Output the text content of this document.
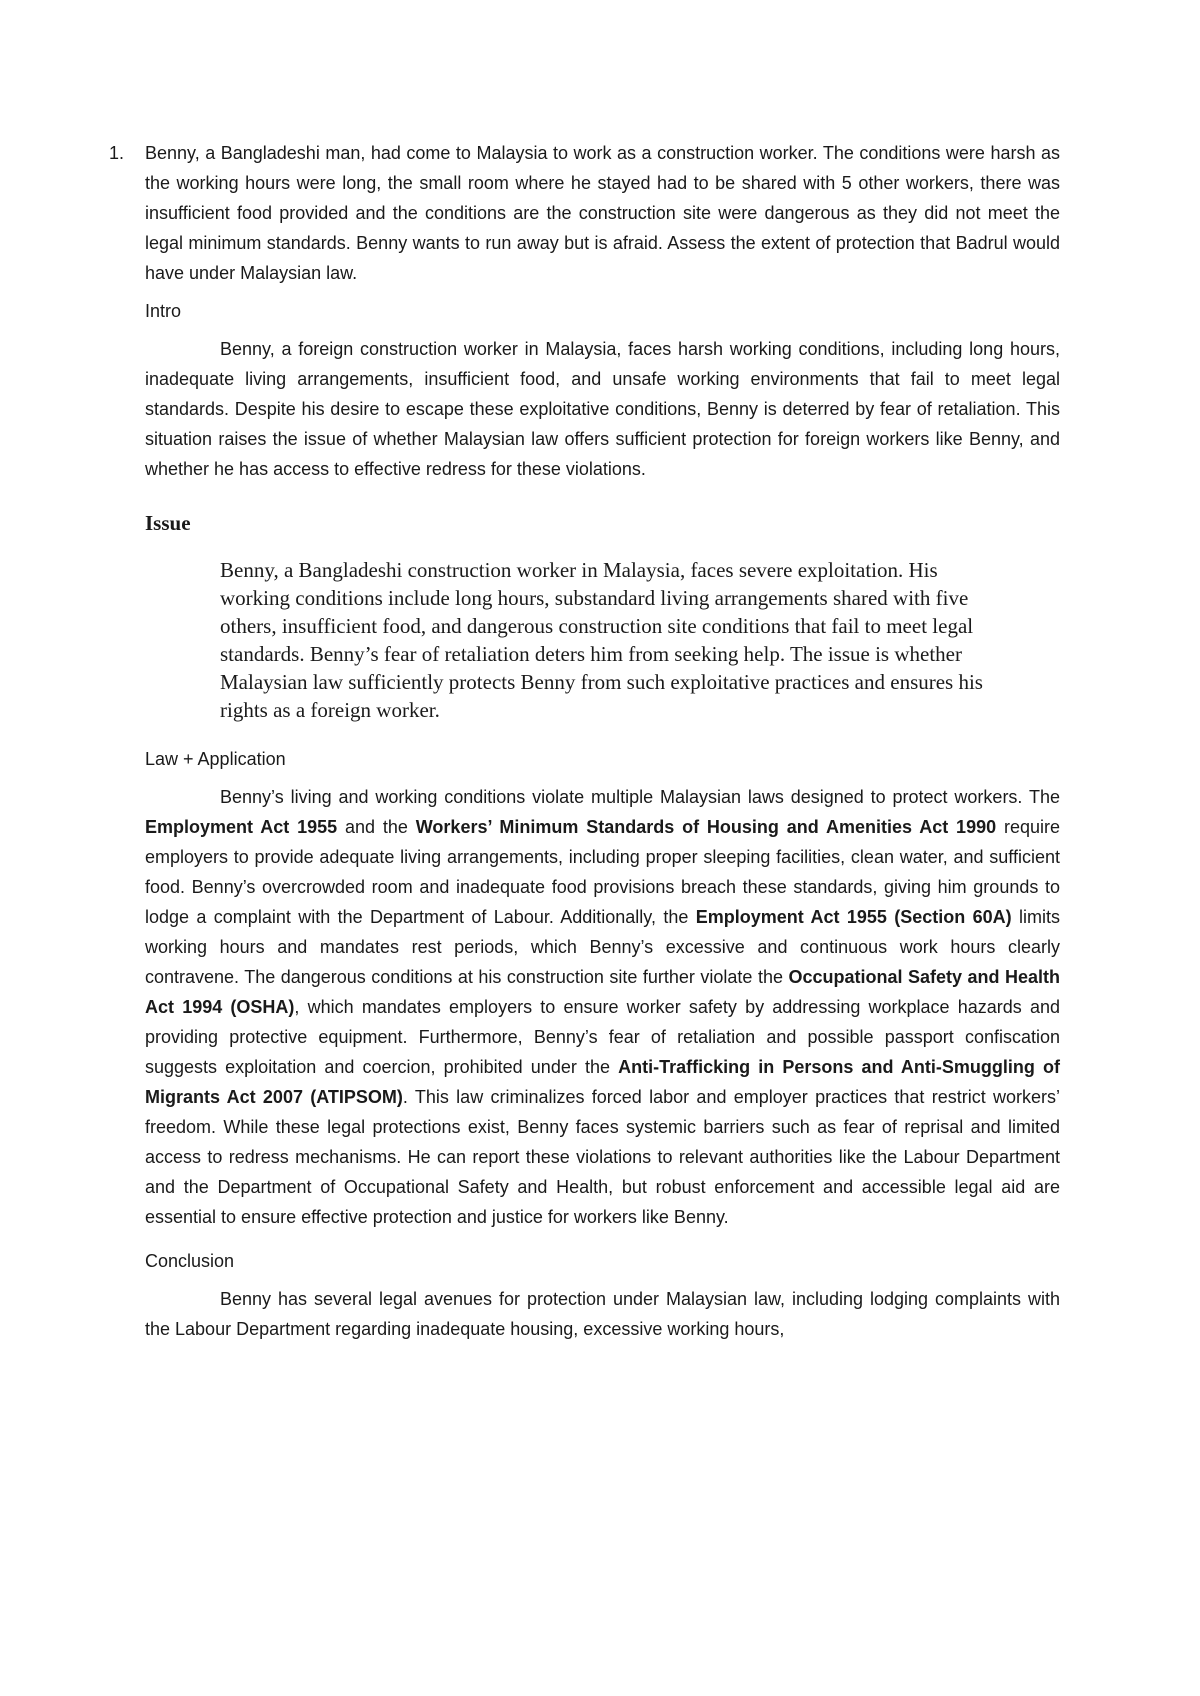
1. Benny, a Bangladeshi man, had come to Malaysia to work as a construction worker. The conditions were harsh as the working hours were long, the small room where he stayed had to be shared with 5 other workers, there was insufficient food provided and the conditions are the construction site were dangerous as they did not meet the legal minimum standards. Benny wants to run away but is afraid. Assess the extent of protection that Badrul would have under Malaysian law.

Intro

Benny, a foreign construction worker in Malaysia, faces harsh working conditions, including long hours, inadequate living arrangements, insufficient food, and unsafe working environments that fail to meet legal standards. Despite his desire to escape these exploitative conditions, Benny is deterred by fear of retaliation. This situation raises the issue of whether Malaysian law offers sufficient protection for foreign workers like Benny, and whether he has access to effective redress for these violations.

Issue

Benny, a Bangladeshi construction worker in Malaysia, faces severe exploitation. His working conditions include long hours, substandard living arrangements shared with five others, insufficient food, and dangerous construction site conditions that fail to meet legal standards. Benny’s fear of retaliation deters him from seeking help. The issue is whether Malaysian law sufficiently protects Benny from such exploitative practices and ensures his rights as a foreign worker.

Law + Application

Benny’s living and working conditions violate multiple Malaysian laws designed to protect workers. The Employment Act 1955 and the Workers’ Minimum Standards of Housing and Amenities Act 1990 require employers to provide adequate living arrangements, including proper sleeping facilities, clean water, and sufficient food. Benny’s overcrowded room and inadequate food provisions breach these standards, giving him grounds to lodge a complaint with the Department of Labour. Additionally, the Employment Act 1955 (Section 60A) limits working hours and mandates rest periods, which Benny’s excessive and continuous work hours clearly contravene. The dangerous conditions at his construction site further violate the Occupational Safety and Health Act 1994 (OSHA), which mandates employers to ensure worker safety by addressing workplace hazards and providing protective equipment. Furthermore, Benny’s fear of retaliation and possible passport confiscation suggests exploitation and coercion, prohibited under the Anti-Trafficking in Persons and Anti-Smuggling of Migrants Act 2007 (ATIPSOM). This law criminalizes forced labor and employer practices that restrict workers’ freedom. While these legal protections exist, Benny faces systemic barriers such as fear of reprisal and limited access to redress mechanisms. He can report these violations to relevant authorities like the Labour Department and the Department of Occupational Safety and Health, but robust enforcement and accessible legal aid are essential to ensure effective protection and justice for workers like Benny.

Conclusion

Benny has several legal avenues for protection under Malaysian law, including lodging complaints with the Labour Department regarding inadequate housing, excessive working hours,
